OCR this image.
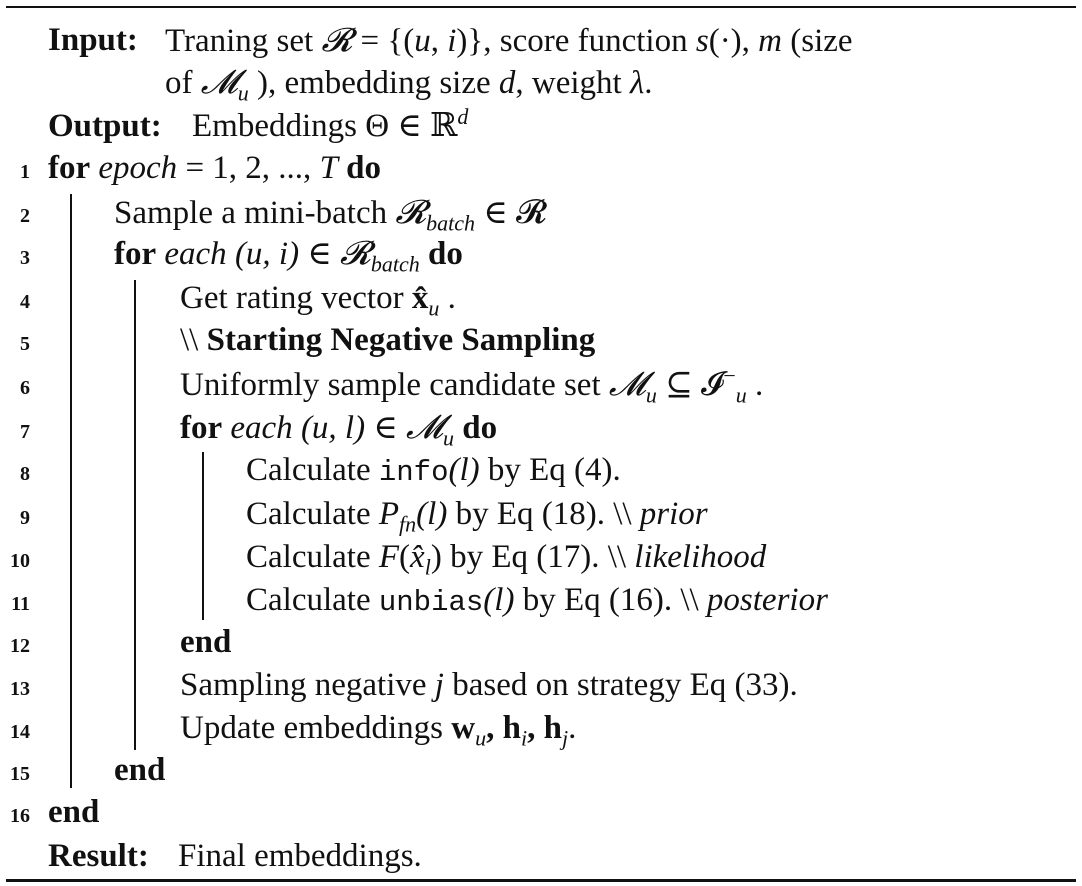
Input: Traning set 𝓡 = {(u, i)}, score function s(·), m (size
of 𝓜$_u$ ), embedding size d, weight λ.
Output: Embeddings Θ ∈ ℝ$^d$
1 for epoch = 1, 2, ..., T do
2	Sample a mini-batch 𝓡$_{batch}$ ∈ 𝓡
3	for each (u, i) ∈ 𝓡$_{batch}$ do
4	Get rating vector $x̂_u$ .
5	\\ Starting Negative Sampling
6	Uniformly sample candidate set 𝓜$_u$ ⊆ 𝓘−$_u$ .
7	for each (u, l) ∈ 𝓜$_u$ do
8	Calculate info(l) by Eq (4).
9	Calculate $P_{fn}(l)$ by Eq (18). \\ prior
10	Calculate $F(x̂_l)$ by Eq (17). \\ likelihood
11	Calculate unbias(l) by Eq (16). \\ posterior
12	end
13	Sampling negative j based on strategy Eq (33).
14	Update embeddings $w_u$, $h_i$, $h_j$.
15	end
16 end
Result: Final embeddings.
